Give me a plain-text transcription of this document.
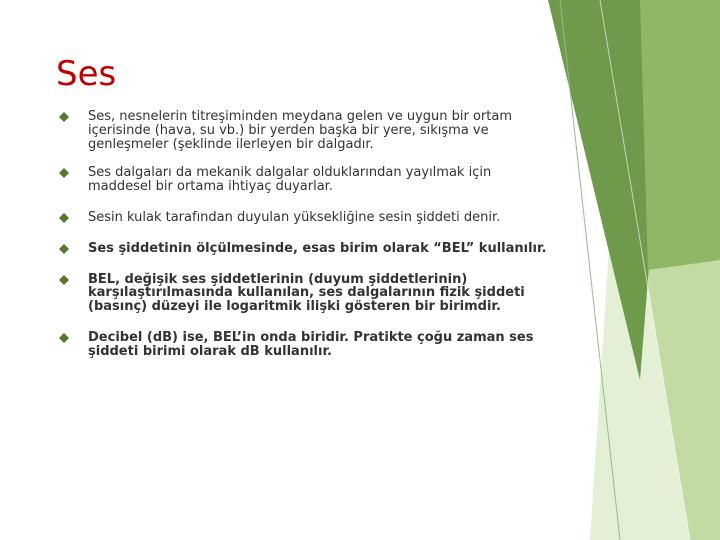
Ses
Ses, nesnelerin titreşiminden meydana gelen ve uygun bir ortam içerisinde (hava, su vb.) bir yerden başka bir yere, sıkışma ve genleşmeler (şeklinde ilerleyen bir dalgadır.
Ses dalgaları da mekanik dalgalar olduklarından yayılmak için maddesel bir ortama ihtiyaç duyarlar.
Sesin kulak tarafından duyulan yüksekliğine sesin şiddeti denir.
Ses şiddetinin ölçülmesinde, esas birim olarak “BEL” kullanılır.
BEL, değişik ses şiddetlerinin (duyum şiddetlerinin) karşılaştırılmasında kullanılan, ses dalgalarının fizik şiddeti (basınç) düzeyi ile logaritmik ilişki gösteren bir birimdir.
Decibel (dB) ise, BEL’in onda biridir. Pratikte çoğu zaman ses şiddeti birimi olarak dB kullanılır.
